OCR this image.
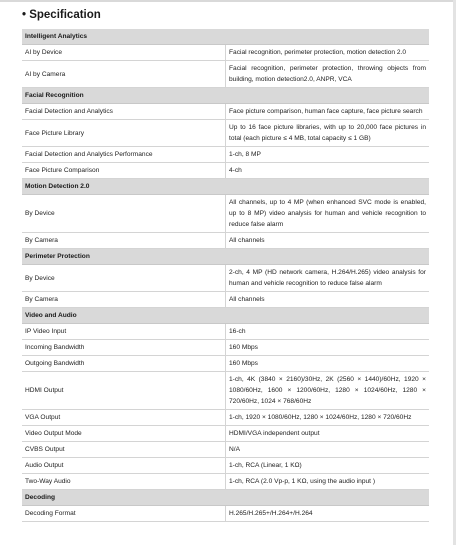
• Specification
Intelligent Analytics	
AI by Device	Facial recognition, perimeter protection, motion detection 2.0
AI by Camera	Facial recognition, perimeter protection, throwing objects from building, motion detection2.0, ANPR, VCA
Facial Recognition	
Facial Detection and Analytics	Face picture comparison, human face capture, face picture search
Face Picture Library	Up to 16 face picture libraries, with up to 20,000 face pictures in total (each picture ≤ 4 MB, total capacity ≤ 1 GB)
Facial Detection and Analytics Performance	1-ch, 8 MP
Face Picture Comparison	4-ch
Motion Detection 2.0	
By Device	All channels, up to 4 MP (when enhanced SVC mode is enabled, up to 8 MP) video analysis for human and vehicle recognition to reduce false alarm
By Camera	All channels
Perimeter Protection	
By Device	2-ch, 4 MP (HD network camera, H.264/H.265) video analysis for human and vehicle recognition to reduce false alarm
By Camera	All channels
Video and Audio	
IP Video Input	16-ch
Incoming Bandwidth	160 Mbps
Outgoing Bandwidth	160 Mbps
HDMI Output	1-ch, 4K (3840 × 2160)/30Hz, 2K (2560 × 1440)/60Hz, 1920 × 1080/60Hz, 1600 × 1200/60Hz, 1280 × 1024/60Hz, 1280 × 720/60Hz, 1024 × 768/60Hz
VGA Output	1-ch, 1920 × 1080/60Hz, 1280 × 1024/60Hz, 1280 × 720/60Hz
Video Output Mode	HDMI/VGA independent output
CVBS Output	N/A
Audio Output	1-ch, RCA (Linear, 1 KΩ)
Two-Way Audio	1-ch, RCA (2.0 Vp-p, 1 KΩ, using the audio input )
Decoding	
Decoding Format	H.265/H.265+/H.264+/H.264
